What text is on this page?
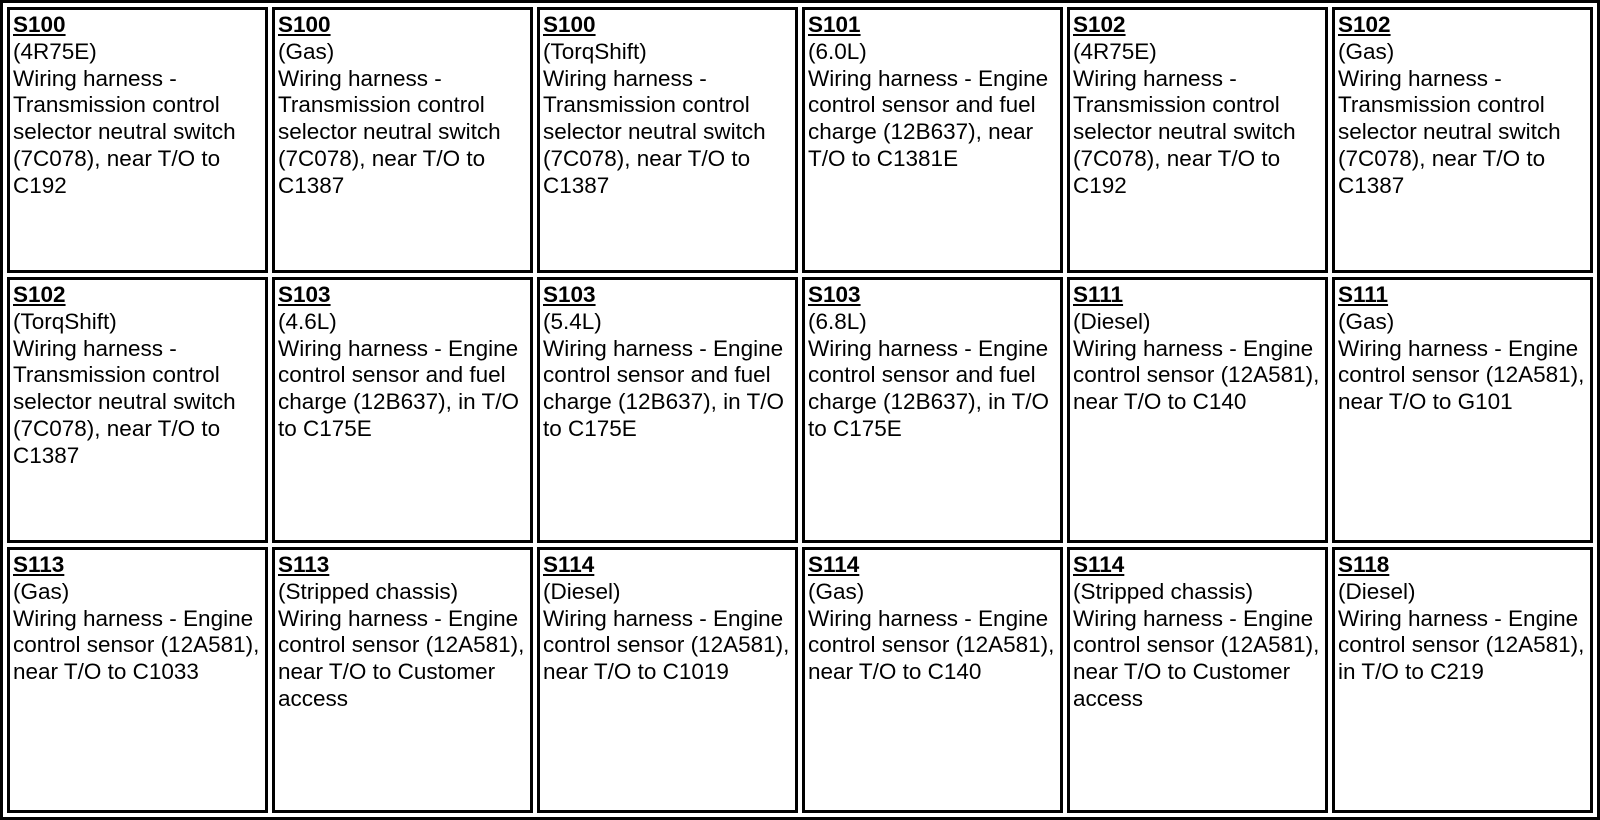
S100
(4R75E)
Wiring harness - Transmission control selector neutral switch (7C078), near T/O to C192
S100
(Gas)
Wiring harness - Transmission control selector neutral switch (7C078), near T/O to C1387
S100
(TorqShift)
Wiring harness - Transmission control selector neutral switch (7C078), near T/O to C1387
S101
(6.0L)
Wiring harness - Engine control sensor and fuel charge (12B637), near T/O to C1381E
S102
(4R75E)
Wiring harness - Transmission control selector neutral switch (7C078), near T/O to C192
S102
(Gas)
Wiring harness - Transmission control selector neutral switch (7C078), near T/O to C1387
S102
(TorqShift)
Wiring harness - Transmission control selector neutral switch (7C078), near T/O to C1387
S103
(4.6L)
Wiring harness - Engine control sensor and fuel charge (12B637), in T/O to C175E
S103
(5.4L)
Wiring harness - Engine control sensor and fuel charge (12B637), in T/O to C175E
S103
(6.8L)
Wiring harness - Engine control sensor and fuel charge (12B637), in T/O to C175E
S111
(Diesel)
Wiring harness - Engine control sensor (12A581), near T/O to C140
S111
(Gas)
Wiring harness - Engine control sensor (12A581), near T/O to G101
S113
(Gas)
Wiring harness - Engine control sensor (12A581), near T/O to C1033
S113
(Stripped chassis)
Wiring harness - Engine control sensor (12A581), near T/O to Customer access
S114
(Diesel)
Wiring harness - Engine control sensor (12A581), near T/O to C1019
S114
(Gas)
Wiring harness - Engine control sensor (12A581), near T/O to C140
S114
(Stripped chassis)
Wiring harness - Engine control sensor (12A581), near T/O to Customer access
S118
(Diesel)
Wiring harness - Engine control sensor (12A581), in T/O to C219
